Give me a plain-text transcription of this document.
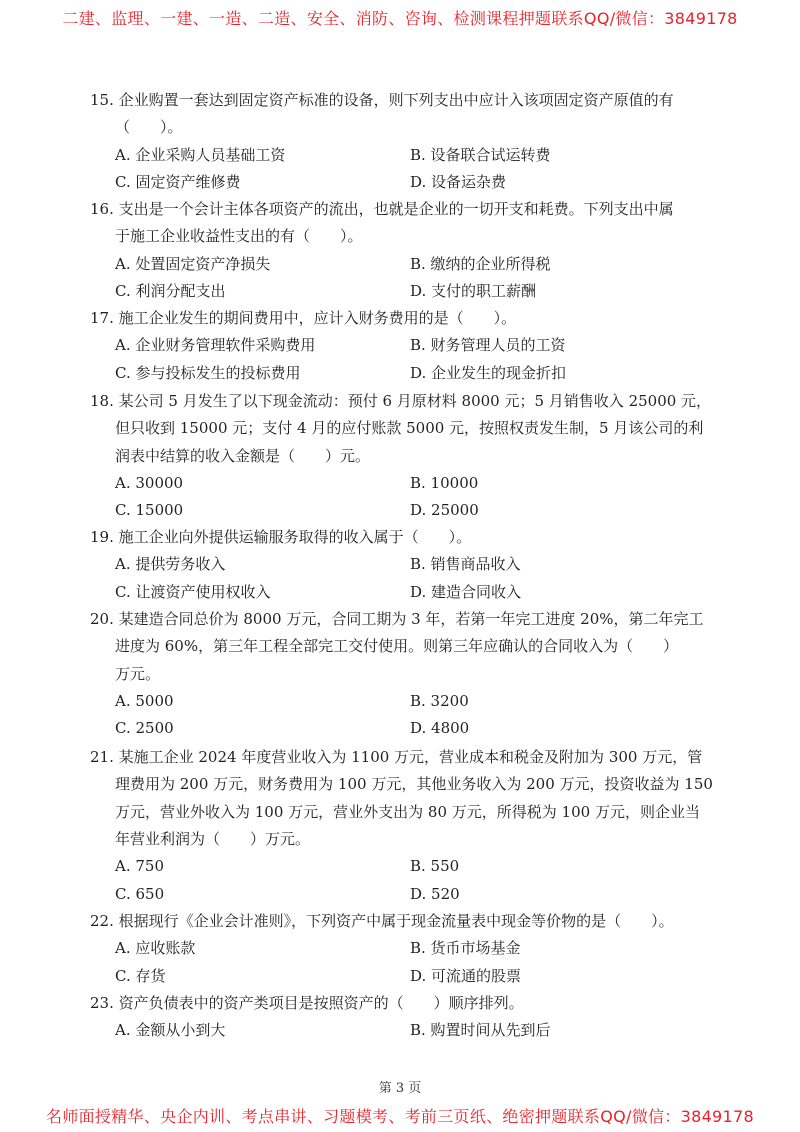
二建、监理、一建、一造、二造、安全、消防、咨询、检测课程押题联系QQ/微信：3849178
15. 企业购置一套达到固定资产标准的设备，则下列支出中应计入该项固定资产原值的有
（　　）。
A. 企业采购人员基础工资	B. 设备联合试运转费
C. 固定资产维修费	D. 设备运杂费
16. 支出是一个会计主体各项资产的流出，也就是企业的一切开支和耗费。下列支出中属
于施工企业收益性支出的有（　　）。
A. 处置固定资产净损失	B. 缴纳的企业所得税
C. 利润分配支出	D. 支付的职工薪酬
17. 施工企业发生的期间费用中，应计入财务费用的是（　　）。
A. 企业财务管理软件采购费用	B. 财务管理人员的工资
C. 参与投标发生的投标费用	D. 企业发生的现金折扣
18. 某公司 5 月发生了以下现金流动：预付 6 月原材料 8000 元；5 月销售收入 25000 元，
但只收到 15000 元；支付 4 月的应付账款 5000 元，按照权责发生制，5 月该公司的利
润表中结算的收入金额是（　　）元。
A. 30000	B. 10000
C. 15000	D. 25000
19. 施工企业向外提供运输服务取得的收入属于（　　）。
A. 提供劳务收入	B. 销售商品收入
C. 让渡资产使用权收入	D. 建造合同收入
20. 某建造合同总价为 8000 万元，合同工期为 3 年，若第一年完工进度 20%，第二年完工
进度为 60%，第三年工程全部完工交付使用。则第三年应确认的合同收入为（　　）
万元。
A. 5000	B. 3200
C. 2500	D. 4800
21. 某施工企业 2024 年度营业收入为 1100 万元，营业成本和税金及附加为 300 万元，管
理费用为 200 万元，财务费用为 100 万元，其他业务收入为 200 万元，投资收益为 150
万元，营业外收入为 100 万元，营业外支出为 80 万元，所得税为 100 万元，则企业当
年营业利润为（　　）万元。
A. 750	B. 550
C. 650	D. 520
22. 根据现行《企业会计准则》，下列资产中属于现金流量表中现金等价物的是（　　）。
A. 应收账款	B. 货币市场基金
C. 存货	D. 可流通的股票
23. 资产负债表中的资产类项目是按照资产的（　　）顺序排列。
A. 金额从小到大	B. 购置时间从先到后
第 3 页
名师面授精华、央企内训、考点串讲、习题模考、考前三页纸、绝密押题联系QQ/微信：3849178
